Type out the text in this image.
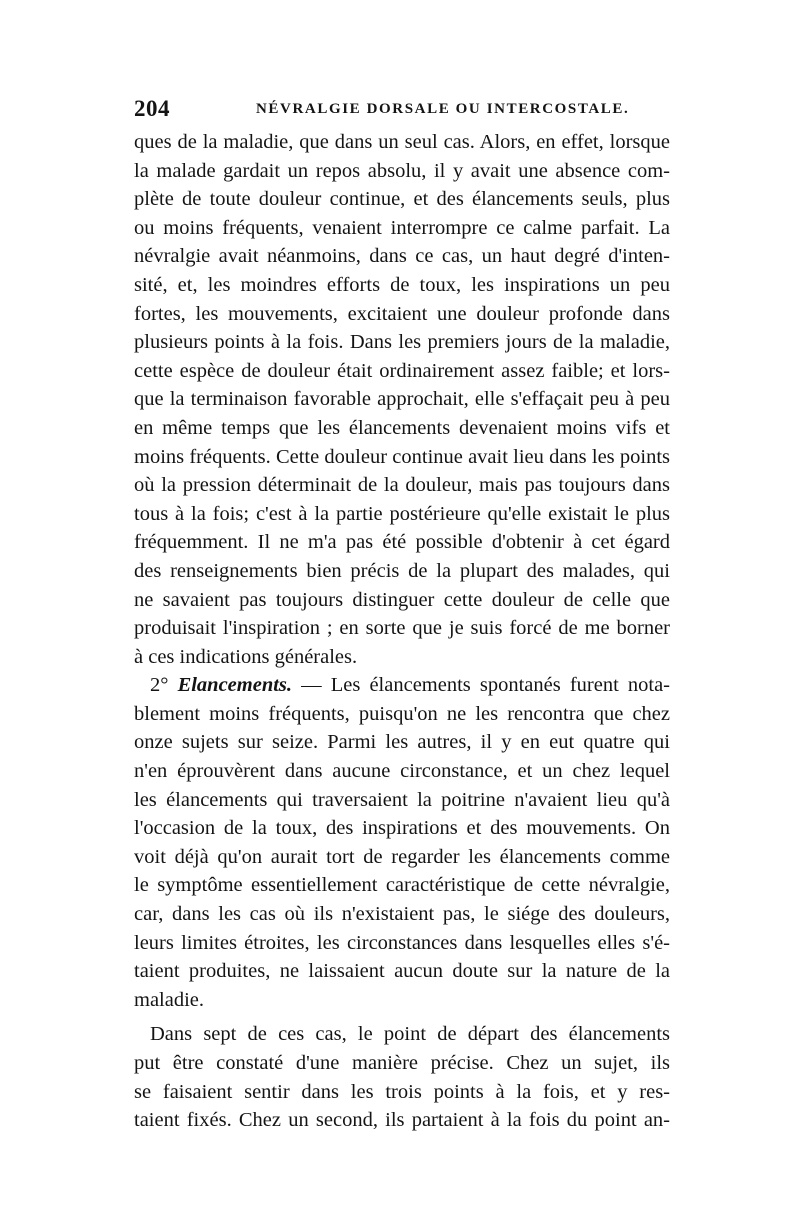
204	NÉVRALGIE DORSALE OU INTERCOSTALE.
ques de la maladie, que dans un seul cas. Alors, en effet, lorsque
la malade gardait un repos absolu, il y avait une absence com-
plète de toute douleur continue, et des élancements seuls, plus
ou moins fréquents, venaient interrompre ce calme parfait. La
névralgie avait néanmoins, dans ce cas, un haut degré d'inten-
sité, et, les moindres efforts de toux, les inspirations un peu
fortes, les mouvements, excitaient une douleur profonde dans
plusieurs points à la fois. Dans les premiers jours de la maladie,
cette espèce de douleur était ordinairement assez faible; et lors-
que la terminaison favorable approchait, elle s'effaçait peu à peu
en même temps que les élancements devenaient moins vifs et
moins fréquents. Cette douleur continue avait lieu dans les points
où la pression déterminait de la douleur, mais pas toujours dans
tous à la fois; c'est à la partie postérieure qu'elle existait le plus
fréquemment. Il ne m'a pas été possible d'obtenir à cet égard
des renseignements bien précis de la plupart des malades, qui
ne savaient pas toujours distinguer cette douleur de celle que
produisait l'inspiration ; en sorte que je suis forcé de me borner
à ces indications générales.
2° Elancements. — Les élancements spontanés furent nota-
blement moins fréquents, puisqu'on ne les rencontra que chez
onze sujets sur seize. Parmi les autres, il y en eut quatre qui
n'en éprouvèrent dans aucune circonstance, et un chez lequel
les élancements qui traversaient la poitrine n'avaient lieu qu'à
l'occasion de la toux, des inspirations et des mouvements. On
voit déjà qu'on aurait tort de regarder les élancements comme
le symptôme essentiellement caractéristique de cette névralgie,
car, dans les cas où ils n'existaient pas, le siége des douleurs,
leurs limites étroites, les circonstances dans lesquelles elles s'é-
taient produites, ne laissaient aucun doute sur la nature de la
maladie.
Dans sept de ces cas, le point de départ des élancements
put être constaté d'une manière précise. Chez un sujet, ils
se faisaient sentir dans les trois points à la fois, et y res-
taient fixés. Chez un second, ils partaient à la fois du point an-
